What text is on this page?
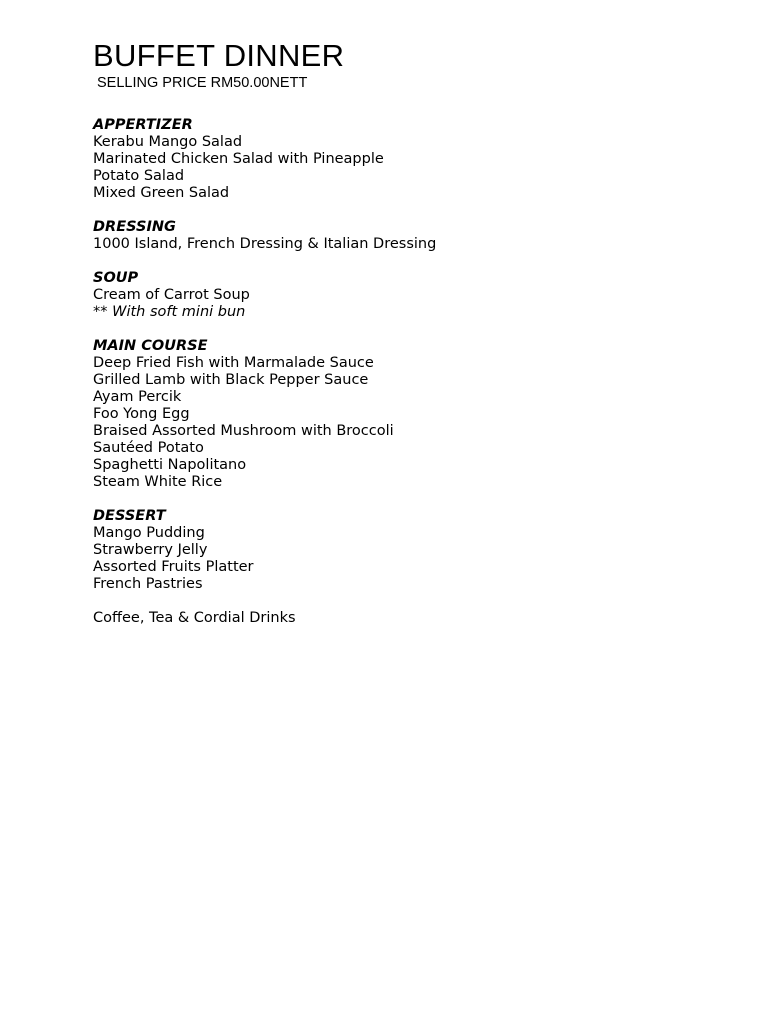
BUFFET DINNER

SELLING PRICE RM50.00NETT

APPERTIZER

Kerabu Mango Salad

Marinated Chicken Salad with Pineapple

Potato Salad

Mixed Green Salad

DRESSING

1000 Island, French Dressing & Italian Dressing

SOUP

Cream of Carrot Soup

** With soft mini bun

MAIN COURSE

Deep Fried Fish with Marmalade Sauce

Grilled Lamb with Black Pepper Sauce

Ayam Percik

Foo Yong Egg

Braised Assorted Mushroom with Broccoli

Sautéed Potato

Spaghetti Napolitano

Steam White Rice

DESSERT

Mango Pudding

Strawberry Jelly

Assorted Fruits Platter

French Pastries

Coffee, Tea & Cordial Drinks
